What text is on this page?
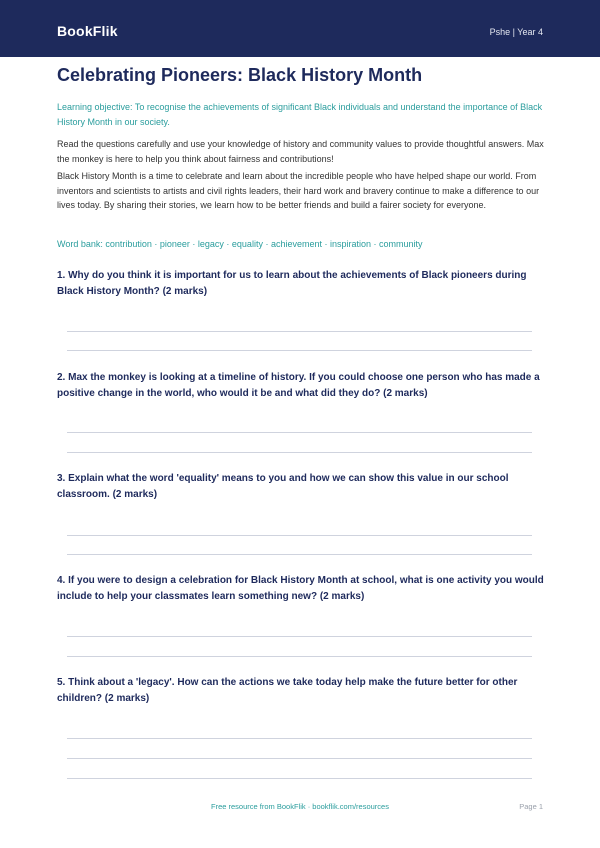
BookFlik	Pshe | Year 4
Celebrating Pioneers: Black History Month

Learning objective: To recognise the achievements of significant Black individuals and understand the importance of Black History Month in our society.

Read the questions carefully and use your knowledge of history and community values to provide thoughtful answers. Max the monkey is here to help you think about fairness and contributions!

Black History Month is a time to celebrate and learn about the incredible people who have helped shape our world. From inventors and scientists to artists and civil rights leaders, their hard work and bravery continue to make a difference to our lives today. By sharing their stories, we learn how to be better friends and build a fairer society for everyone.

Word bank: contribution · pioneer · legacy · equality · achievement · inspiration · community

1. Why do you think it is important for us to learn about the achievements of Black pioneers during Black History Month? (2 marks)

2. Max the monkey is looking at a timeline of history. If you could choose one person who has made a positive change in the world, who would it be and what did they do? (2 marks)

3. Explain what the word 'equality' means to you and how we can show this value in our school classroom. (2 marks)

4. If you were to design a celebration for Black History Month at school, what is one activity you would include to help your classmates learn something new? (2 marks)

5. Think about a 'legacy'. How can the actions we take today help make the future better for other children? (2 marks)

Free resource from BookFlik · bookflik.com/resources	Page 1
